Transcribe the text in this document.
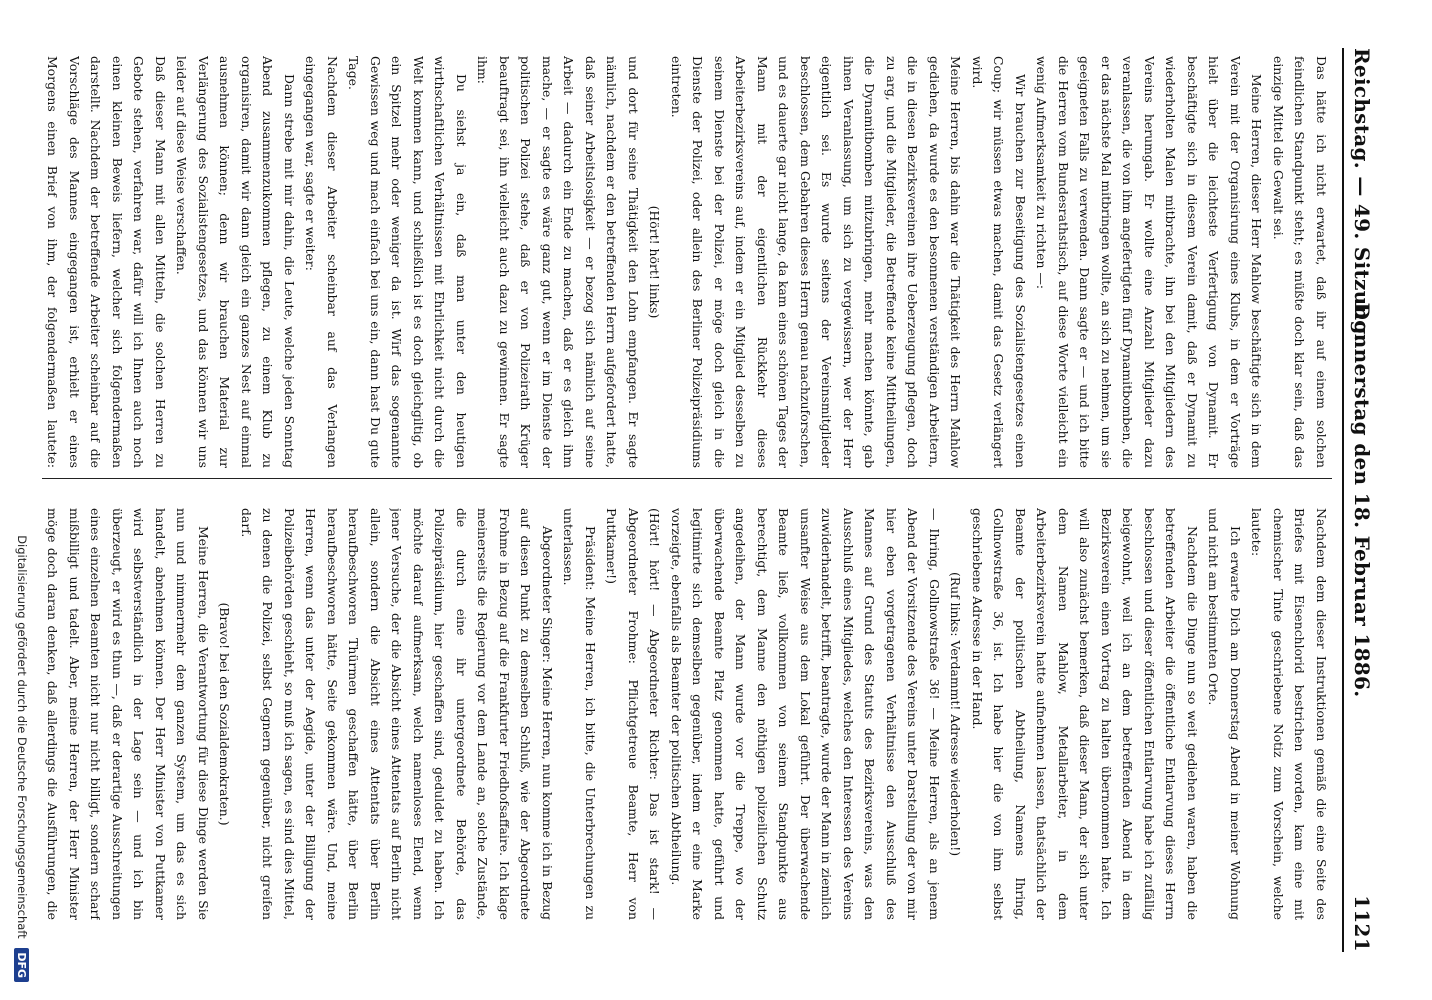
Reichstag. — 49. Sitzung.
Donnerstag den 18. Februar 1886.
1121

Das hätte ich nicht erwartet, daß ihr auf einem solchen feindlichen Standpunkt steht; es müßte doch klar sein, daß das einzige Mittel die Gewalt sei.

Meine Herren, dieser Herr Mahlow beschäftigte sich in dem Verein mit der Organisirung eines Klubs, in dem er Vorträge hielt über die leichteste Verfertigung von Dynamit. Er beschäftigte sich in diesem Verein damit, daß er Dynamit zu wiederholten Malen mitbrachte, ihn bei den Mitgliedern des Vereins herumgab. Er wollte eine Anzahl Mitglieder dazu veranlassen, die von ihm angefertigten fünf Dynamitbomben, die er das nächste Mal mitbringen wollte, an sich zu nehmen, um sie geeigneten Falls zu verwenden. Dann sagte er — und ich bitte die Herren vom Bundesrathstisch, auf diese Worte vielleicht ein wenig Aufmerksamkeit zu richten —:

Wir brauchen zur Beseitigung des Sozialistengesetzes einen Coup; wir müssen etwas machen, damit das Gesetz verlängert wird.

Meine Herren, bis dahin war die Thätigkeit des Herrn Mahlow gediehen, da wurde es den besonnenen verständigen Arbeitern, die in diesen Bezirksvereinen ihre Ueberzeugung pflegen, doch zu arg, und die Mitglieder, die Betreffende keine Mittheilungen, die Dynamitbomben mitzubringen, mehr machen könnte, gab ihnen Veranlassung, um sich zu vergewissern, wer der Herr eigentlich sei. Es wurde seitens der Vereinsmitglieder beschlossen, dem Gebahren dieses Herrn genau nachzuforschen, und es dauerte gar nicht lange, da kam eines schönen Tages der Mann mit der eigentlichen Rückkehr dieses Arbeiterbezirksvereins auf, indem er ein Mitglied desselben zu seinem Dienste bei der Polizei, er möge doch gleich in die Dienste der Polizei, oder allein des Berliner Polizeipräsidiums eintreten.

(Hört! hört! links)

und dort für seine Thätigkeit den Lohn empfangen. Er sagte nämlich, nachdem er den betreffenden Herrn aufgefordert hatte, daß seiner Arbeitslosigkeit — er bezog sich nämlich auf seine Arbeit — dadurch ein Ende zu machen, daß er es gleich ihm mache, — er sagte es wäre ganz gut, wenn er im Dienste der politischen Polizei stehe, daß er von Polizeirath Krüger beauftragt sei, ihn vielleicht auch dazu zu gewinnen. Er sagte ihm:

Du siehst ja ein, daß man unter den heutigen wirthschaftlichen Verhältnissen mit Ehrlichkeit nicht durch die Welt kommen kann, und schließlich ist es doch gleichgiltig, ob ein Spitzel mehr oder weniger da ist. Wirf das sogenannte Gewissen weg und mach einfach bei uns ein, dann hast Du gute Tage.

Nachdem dieser Arbeiter scheinbar auf das Verlangen eingegangen war, sagte er weiter:

Dann strebe mit mir dahin, die Leute, welche jeden Sonntag Abend zusammenzukommen pflegen, zu einem Klub zu organisiren, damit wir dann gleich ein ganzes Nest auf einmal ausnehmen können; denn wir brauchen Material zur Verlängerung des Sozialistengesetzes, und das können wir uns leider auf diese Weise verschaffen.

Daß dieser Mann mit allen Mitteln, die solchen Herren zu Gebote stehen, verfahren war, dafür will ich Ihnen auch noch einen kleinen Beweis liefern, welcher sich folgendermaßen darstellt. Nachdem der betreffende Arbeiter scheinbar auf die Vorschläge des Mannes eingegangen ist, erhielt er eines Morgens einen Brief von ihm, der folgendermaßen lautete:

Nachdem dem dieser Instruktionen gemäß die eine Seite des Briefes mit Eisenchlorid bestrichen worden, kam eine mit chemischer Tinte geschriebene Notiz zum Vorschein, welche lautete:

Ich erwarte Dich am Donnerstag Abend in meiner Wohnung und nicht am bestimmten Orte.

Nachdem die Dinge nun so weit gediehen waren, haben die betreffenden Arbeiter die öffentliche Entlarvung dieses Herrn beschlossen und dieser öffentlichen Entlarvung habe ich zufällig beigewohnt, weil ich an dem betreffenden Abend in dem Bezirksverein einen Vortrag zu halten übernommen hatte. Ich will also zunächst bemerken, daß dieser Mann, der sich unter dem Namen Mahlow, Metallarbeiter, in dem Arbeiterbezirksverein hatte aufnehmen lassen, thatsächlich der Beamte der politischen Abtheilung, Namens Ihring, Gollnowstraße 36, ist. Ich habe hier die von ihm selbst geschriebene Adresse in der Hand.

(Ruf links: Verdammt! Adresse wiederholen!)

— Ihring, Gollnowstraße 36! — Meine Herren, als an jenem Abend der Vorsitzende des Vereins unter Darstellung der von mir hier eben vorgetragenen Verhältnisse den Ausschluß des Mannes auf Grund des Statuts des Bezirksvereins, was den Ausschluß eines Mitgliedes, welches den Interessen des Vereins zuwiderhandelt, betrifft, beantragte, wurde der Mann in ziemlich unsanfter Weise aus dem Lokal geführt. Der überwachende Beamte ließ, vollkommen von seinem Standpunkte aus berechtigt, dem Manne den nöthigen polizeilichen Schutz angedeihen, der Mann wurde vor die Treppe, wo der überwachende Beamte Platz genommen hatte, geführt und legitimirte sich demselben gegenüber, indem er eine Marke vorzeigte, ebenfalls als Beamter der politischen Abtheilung.

(Hört! hört! — Abgeordneter Richter: Das ist stark! — Abgeordneter Frohme: Pflichtgetreue Beamte, Herr von Puttkamer!)

Präsident: Meine Herren, ich bitte, die Unterbrechungen zu unterlassen.

Abgeordneter Singer: Meine Herren, nun komme ich in Bezug auf diesen Punkt zu demselben Schluß, wie der Abgeordnete Frohme in Bezug auf die Frankfurter Friedhofsaffaire. Ich klage meinerseits die Regierung vor dem Lande an, solche Zustände, die durch eine ihr untergeordnete Behörde, das Polizeipräsidium, hier geschaffen sind, geduldet zu haben. Ich möchte darauf aufmerksam, welch namenloses Elend, wenn jener Versuche, der die Absicht eines Attentats auf Berlin nicht allein, sondern die Absicht eines Attentats über Berlin heraufbeschworen Thürmen geschaffen hätte, über Berlin heraufbeschworen hätte, Seite gekommen wäre. Und, meine Herren, wenn das unter der Aegide, unter der Billigung der Polizeibehörden geschieht, so muß ich sagen, es sind dies Mittel, zu denen die Polizei, selbst Gegnern gegenüber, nicht greifen darf.

(Bravo! bei den Sozialdemokraten.)

Meine Herren, die Verantwortung für diese Dinge werden Sie nun und nimmermehr dem ganzen System, um das es sich handelt, abnehmen können. Der Herr Minister von Puttkamer wird selbstverständlich in der Lage sein — und ich bin überzeugt, er wird es thun —, daß er derartige Ausschreitungen eines einzelnen Beamten nicht nur nicht billigt, sondern scharf mißbilligt und tadelt. Aber, meine Herren, der Herr Minister möge doch daran denken, daß allerdings die Ausführungen, die

Digitalisierung gefördert durch die Deutsche Forschungsgemeinschaft DFG
